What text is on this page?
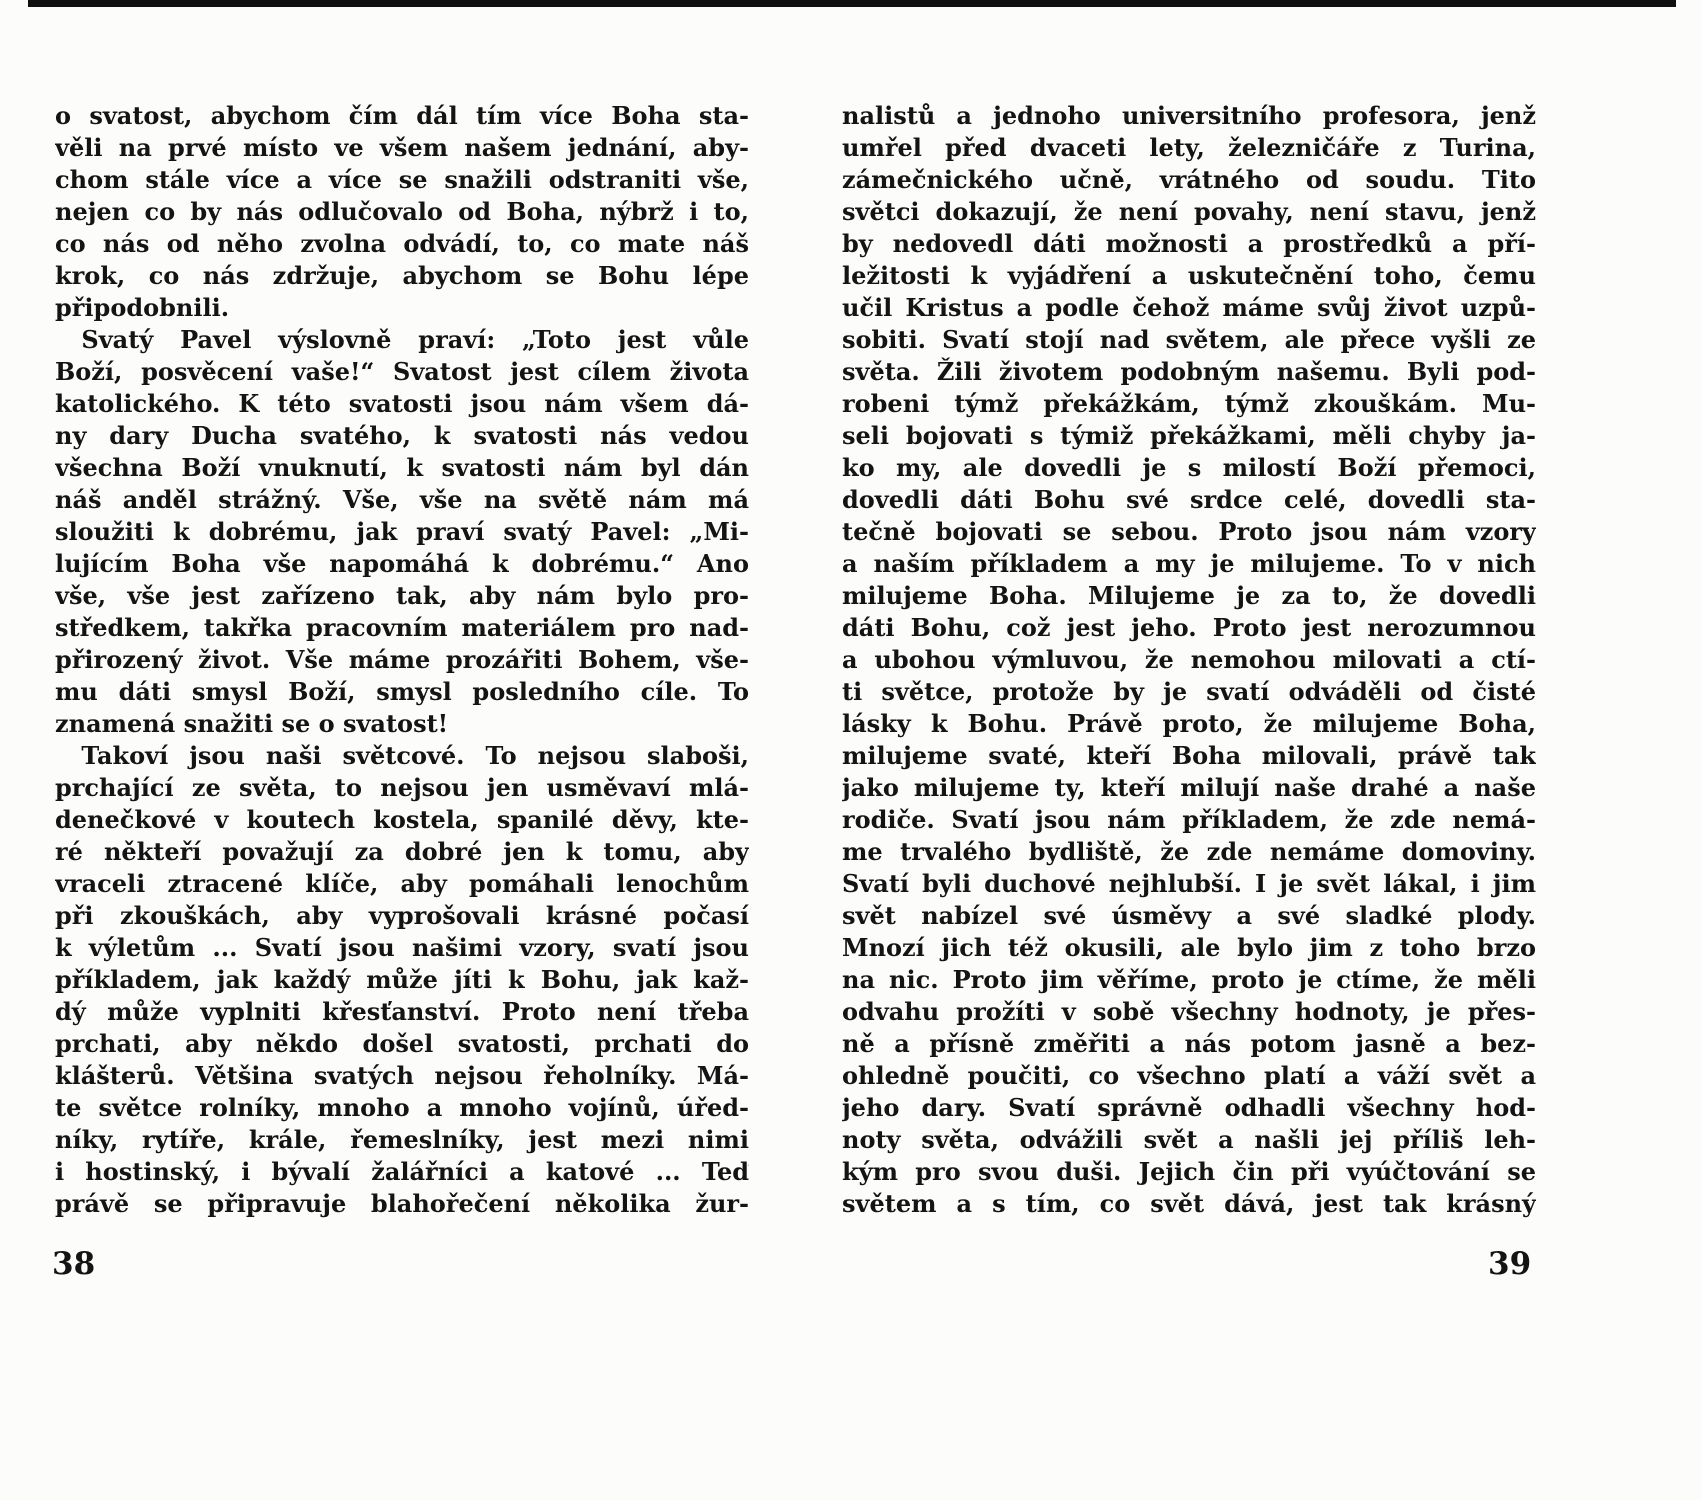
o svatost, abychom čím dál tím více Boha sta-
věli na prvé místo ve všem našem jednání, aby-
chom stále více a více se snažili odstraniti vše,
nejen co by nás odlučovalo od Boha, nýbrž i to,
co nás od něho zvolna odvádí, to, co mate náš
krok, co nás zdržuje, abychom se Bohu lépe
připodobnili.

Svatý Pavel výslovně praví: „Toto jest vůle
Boží, posvěcení vaše!“ Svatost jest cílem života
katolického. K této svatosti jsou nám všem dá-
ny dary Ducha svatého, k svatosti nás vedou
všechna Boží vnuknutí, k svatosti nám byl dán
náš anděl strážný. Vše, vše na světě nám má
sloužiti k dobrému, jak praví svatý Pavel: „Mi-
lujícím Boha vše napomáhá k dobrému.“ Ano
vše, vše jest zařízeno tak, aby nám bylo pro-
středkem, takřka pracovním materiálem pro nad-
přirozený život. Vše máme prozářiti Bohem, vše-
mu dáti smysl Boží, smysl posledního cíle. To
znamená snažiti se o svatost!

Takoví jsou naši světcové. To nejsou slaboši,
prchající ze světa, to nejsou jen usměvaví mlá-
denečkové v koutech kostela, spanilé děvy, kte-
ré někteří považují za dobré jen k tomu, aby
vraceli ztracené klíče, aby pomáhali lenochům
při zkouškách, aby vyprošovali krásné počasí
k výletům ... Svatí jsou našimi vzory, svatí jsou
příkladem, jak každý může jíti k Bohu, jak kaž-
dý může vyplniti křesťanství. Proto není třeba
prchati, aby někdo došel svatosti, prchati do
klášterů. Většina svatých nejsou řeholníky. Má-
te světce rolníky, mnoho a mnoho vojínů, úřed-
níky, rytíře, krále, řemeslníky, jest mezi nimi
i hostinský, i bývalí žalářníci a katové ... Teď
právě se připravuje blahořečení několika žur-

38

nalistů a jednoho universitního profesora, jenž
umřel před dvaceti lety, železničáře z Turina,
zámečnického učně, vrátného od soudu. Tito
světci dokazují, že není povahy, není stavu, jenž
by nedovedl dáti možnosti a prostředků a pří-
ležitosti k vyjádření a uskutečnění toho, čemu
učil Kristus a podle čehož máme svůj život uzpů-
sobiti. Svatí stojí nad světem, ale přece vyšli ze
světa. Žili životem podobným našemu. Byli pod-
robeni týmž překážkám, týmž zkouškám. Mu-
seli bojovati s týmiž překážkami, měli chyby ja-
ko my, ale dovedli je s milostí Boží přemoci,
dovedli dáti Bohu své srdce celé, dovedli sta-
tečně bojovati se sebou. Proto jsou nám vzory
a naším příkladem a my je milujeme. To v nich
milujeme Boha. Milujeme je za to, že dovedli
dáti Bohu, což jest jeho. Proto jest nerozumnou
a ubohou výmluvou, že nemohou milovati a ctí-
ti světce, protože by je svatí odváděli od čisté
lásky k Bohu. Právě proto, že milujeme Boha,
milujeme svaté, kteří Boha milovali, právě tak
jako milujeme ty, kteří milují naše drahé a naše
rodiče. Svatí jsou nám příkladem, že zde nemá-
me trvalého bydliště, že zde nemáme domoviny.
Svatí byli duchové nejhlubší. I je svět lákal, i jim
svět nabízel své úsměvy a své sladké plody.
Mnozí jich též okusili, ale bylo jim z toho brzo
na nic. Proto jim věříme, proto je ctíme, že měli
odvahu prožíti v sobě všechny hodnoty, je přes-
ně a přísně změřiti a nás potom jasně a bez-
ohledně poučiti, co všechno platí a váží svět a
jeho dary. Svatí správně odhadli všechny hod-
noty světa, odvážili svět a našli jej příliš leh-
kým pro svou duši. Jejich čin při vyúčtování se
světem a s tím, co svět dává, jest tak krásný

39
